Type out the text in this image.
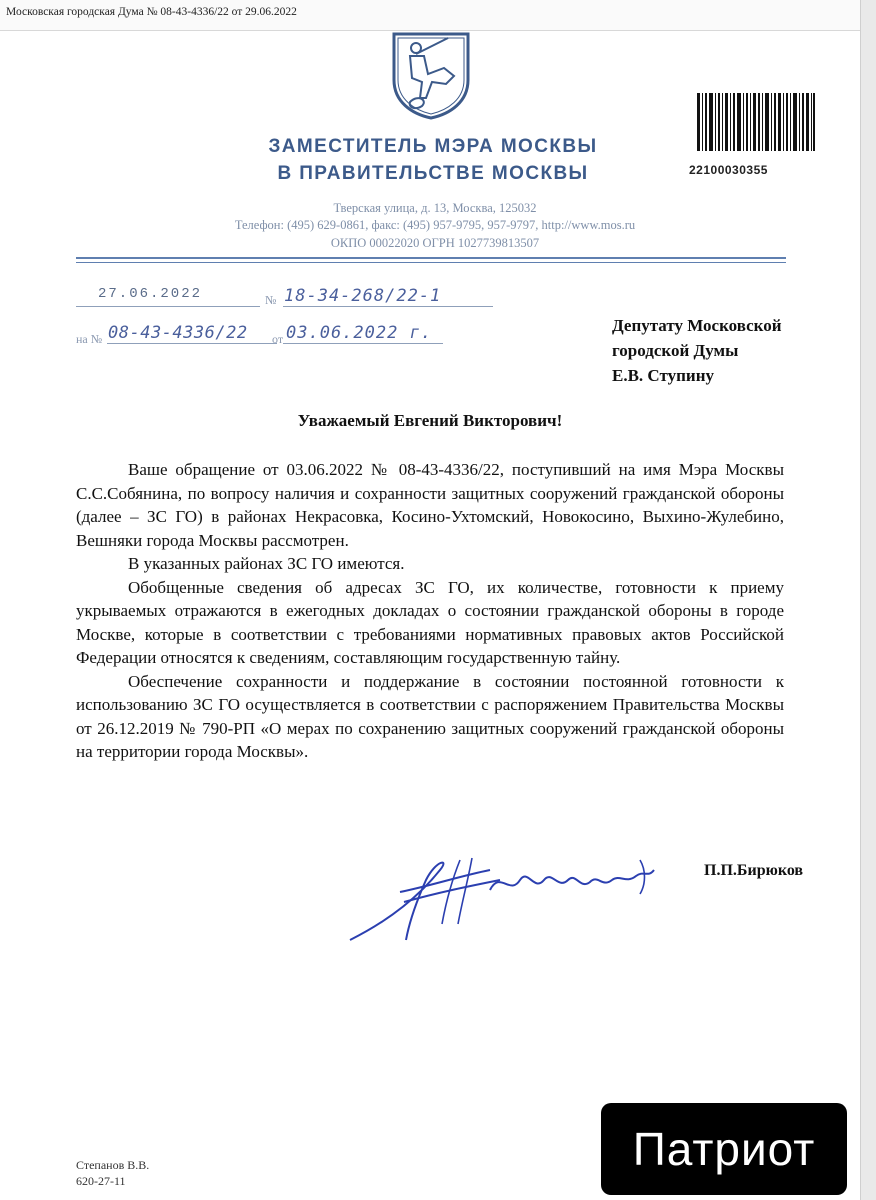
Московская городская Дума № 08-43-4336/22 от 29.06.2022
22100030355
ЗАМЕСТИТЕЛЬ МЭРА МОСКВЫ
В ПРАВИТЕЛЬСТВЕ МОСКВЫ
Тверская улица, д. 13, Москва, 125032
Телефон: (495) 629-0861, факс: (495) 957-9795, 957-9797, http://www.mos.ru
ОКПО 00022020 ОГРН 1027739813507
27.06.2022	№ 18-34-268/22-1
на № 08-43-4336/22 от 03.06.2022 г.	Депутату Московской
городской Думы
Е.В. Ступину
Уважаемый Евгений Викторович!

Ваше обращение от 03.06.2022 № 08-43-4336/22, поступивший на имя Мэра Москвы С.С.Собянина, по вопросу наличия и сохранности защитных сооружений гражданской обороны (далее – ЗС ГО) в районах Некрасовка, Косино-Ухтомский, Новокосино, Выхино-Жулебино, Вешняки города Москвы рассмотрен.

В указанных районах ЗС ГО имеются.

Обобщенные сведения об адресах ЗС ГО, их количестве, готовности к приему укрываемых отражаются в ежегодных докладах о состоянии гражданской обороны в городе Москве, которые в соответствии с требованиями нормативных правовых актов Российской Федерации относятся к сведениям, составляющим государственную тайну.

Обеспечение сохранности и поддержание в состоянии постоянной готовности к использованию ЗС ГО осуществляется в соответствии с распоряжением Правительства Москвы от 26.12.2019 № 790-РП «О мерах по сохранению защитных сооружений гражданской обороны на территории города Москвы».

П.П.Бирюков
Степанов В.В.
620-27-11
Патриот
